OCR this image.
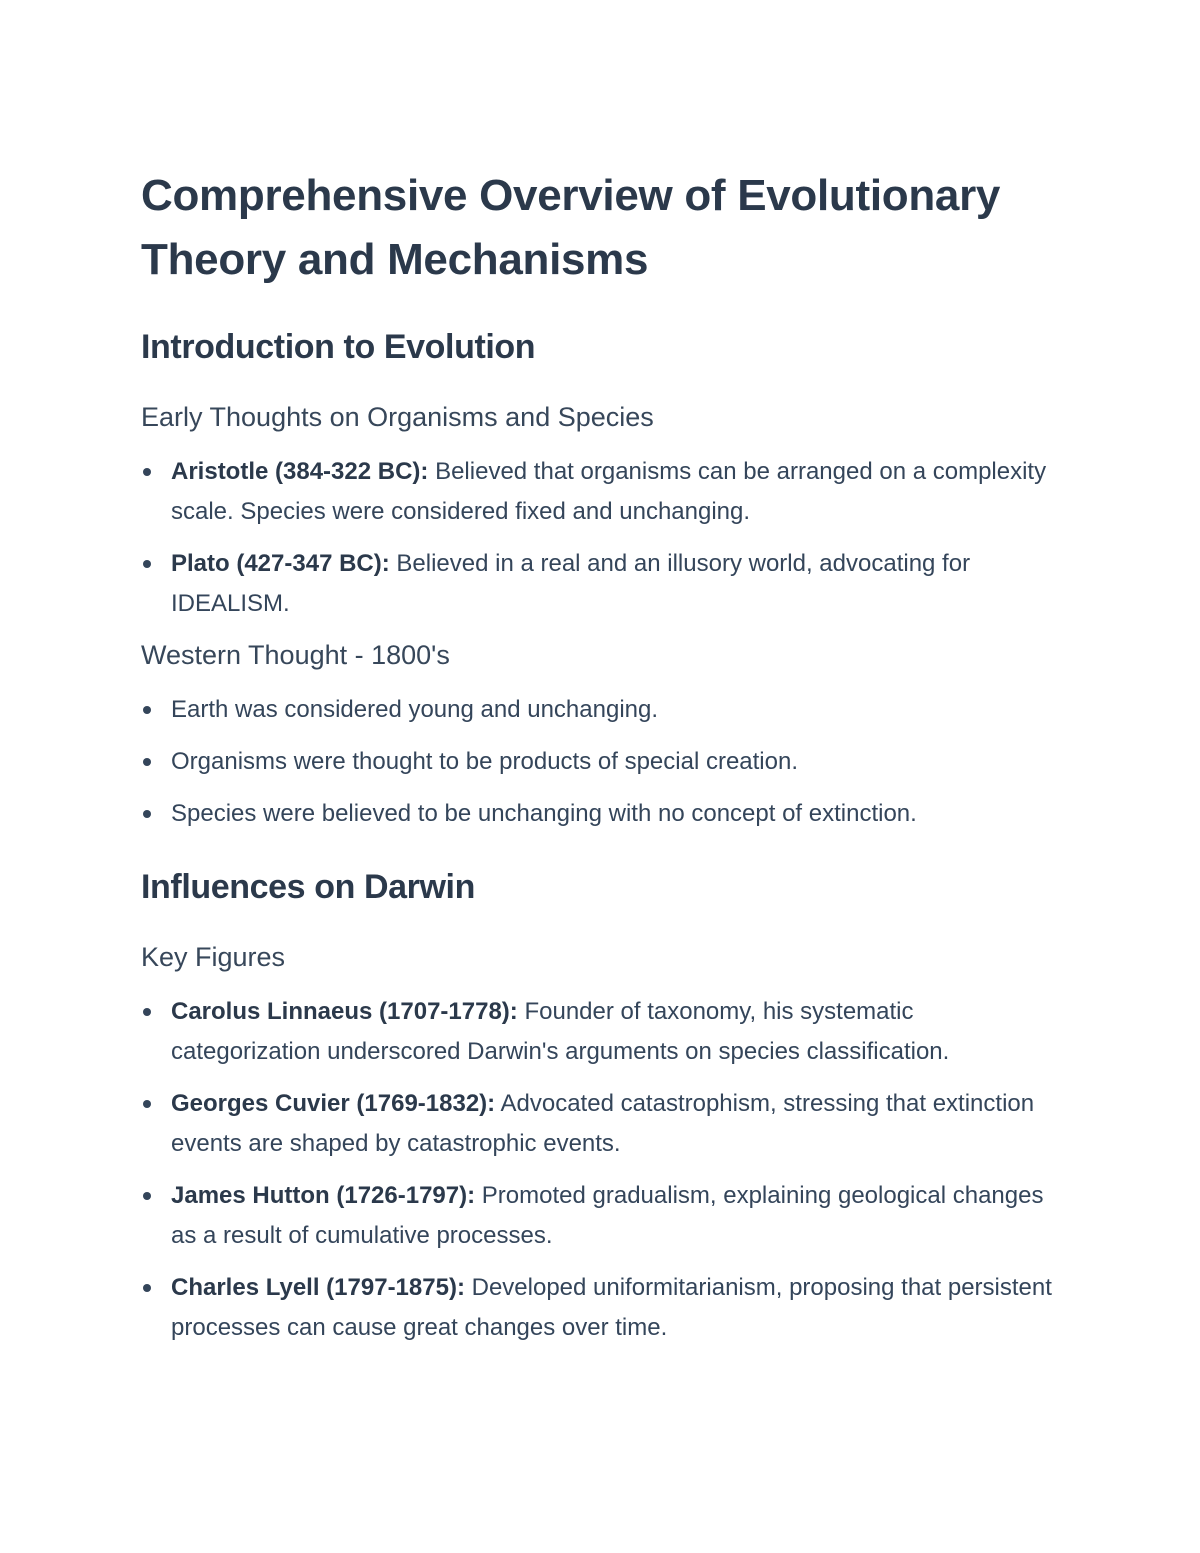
Comprehensive Overview of Evolutionary Theory and Mechanisms
Introduction to Evolution
Early Thoughts on Organisms and Species
Aristotle (384-322 BC): Believed that organisms can be arranged on a complexity scale. Species were considered fixed and unchanging.
Plato (427-347 BC): Believed in a real and an illusory world, advocating for IDEALISM.
Western Thought - 1800's
Earth was considered young and unchanging.
Organisms were thought to be products of special creation.
Species were believed to be unchanging with no concept of extinction.
Influences on Darwin
Key Figures
Carolus Linnaeus (1707-1778): Founder of taxonomy, his systematic categorization underscored Darwin's arguments on species classification.
Georges Cuvier (1769-1832): Advocated catastrophism, stressing that extinction events are shaped by catastrophic events.
James Hutton (1726-1797): Promoted gradualism, explaining geological changes as a result of cumulative processes.
Charles Lyell (1797-1875): Developed uniformitarianism, proposing that persistent processes can cause great changes over time.
